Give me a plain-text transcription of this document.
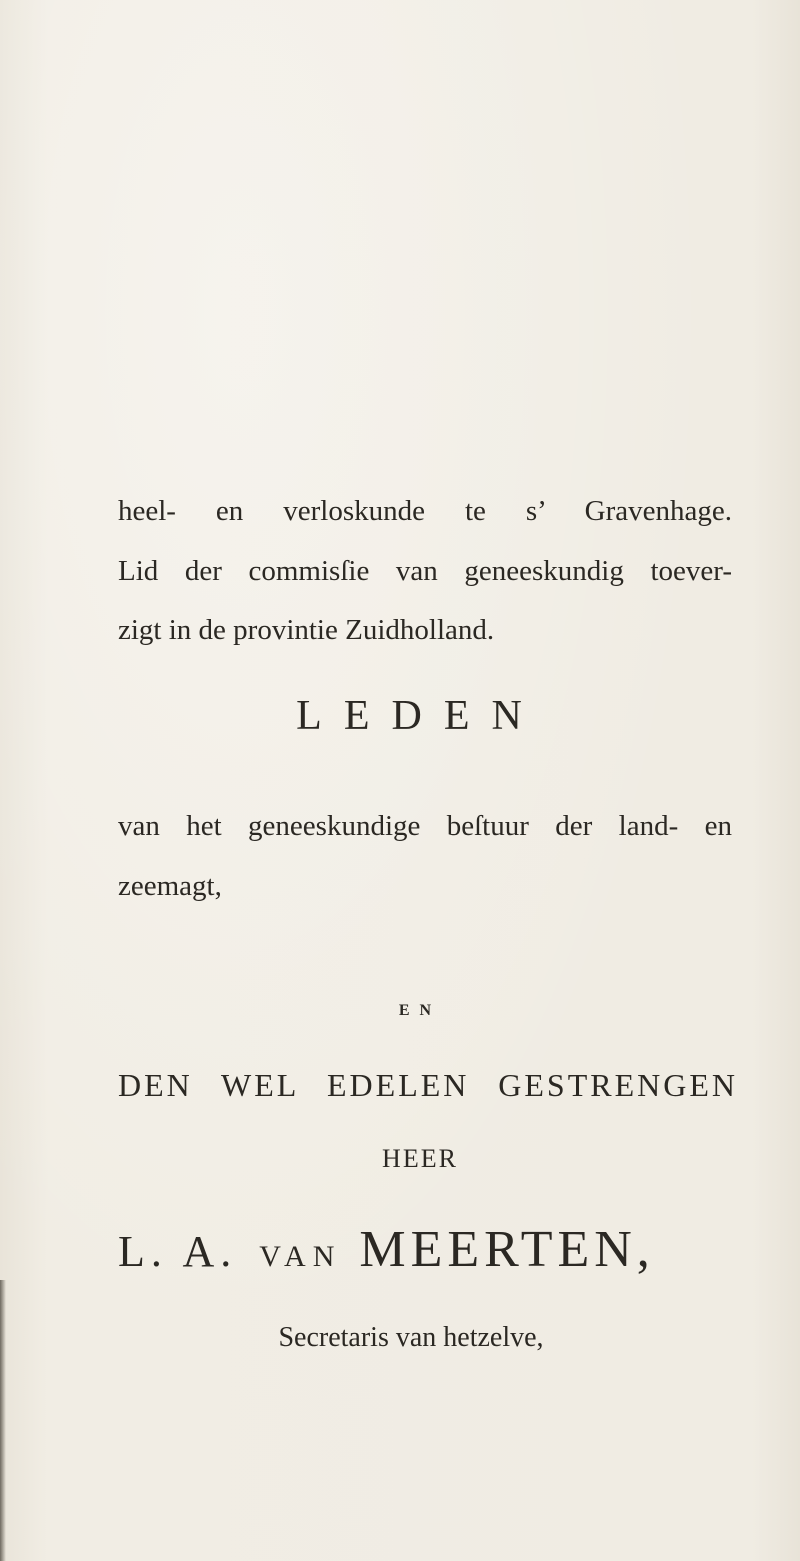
heel- en verloskunde te s’ Gravenhage.
Lid der commisſie van geneeskundig toever-
zigt in de provintie Zuidholland.
LEDEN
van het geneeskundige beſtuur der land- en
zeemagt,
EN
DEN WEL EDELEN GESTRENGEN
HEER
L. A. VAN MEERTEN,
Secretaris van hetzelve,
